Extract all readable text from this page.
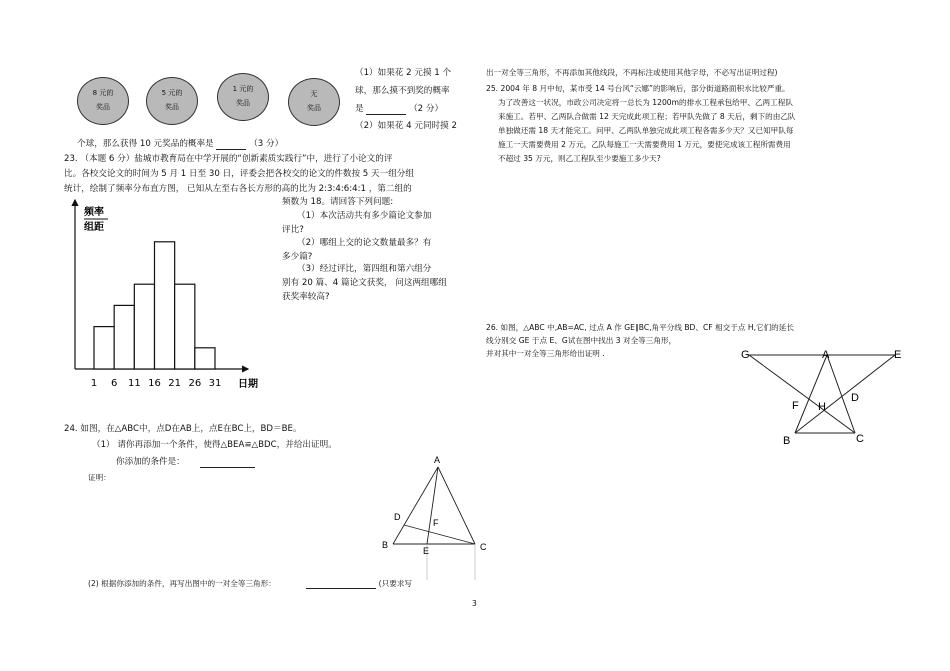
8 元的
奖品
5 元的
奖品
1 元的
奖品
无
奖品
（1）如果花 2 元摸 1 个
球，那么摸不到奖的概率
是	（2 分）
（2）如果花 4 元同时摸 2
个球，那么获得 10 元奖品的概率是	（3 分）
23. （本题 6 分）盐城市教育局在中学开展的“创新素质实践行”中，进行了小论文的评
比。各校交论文的时间为 5 月 1 日至 30 日，评委会把各校交的论文的件数按 5 天一组分组
统计，绘制了频率分布直方图， 已知从左至右各长方形的高的比为 2:3:4:6:4:1 ，第二组的
频数为 18。请回答下列问题:
（1）本次活动共有多少篇论文参加
评比?
（2）哪组上交的论文数量最多？有
多少篇?
（3）经过评比，第四组和第六组分
别有 20 篇、4 篇论文获奖， 问这两组哪组
获奖率较高?
频率
组距
1 6 11 16 21 26 31 日期
24. 如图，在△ABC中，点D在AB上，点E在BC上，BD＝BE。
（1） 请你再添加一个条件，使得△BEA≌△BDC，并给出证明。
你添加的条件是：
证明：
(2) 根据你添加的条件，再写出图中的一对全等三角形：	(只要求写
A
B	C
D
E
F
3
出一对全等三角形，不再添加其他线段，不再标注或使用其他字母，不必写出证明过程)
25. 2004 年 8 月中旬，某市受 14 号台风“云娜”的影响后，部分街道路面积水比较严重。
为了改善这一状况，市政公司决定将一总长为 1200m的排水工程承包给甲、乙两工程队
来施工。若甲、乙两队合做需 12 天完成此项工程；若甲队先做了 8 天后，剩下的由乙队
单独做还需 18 天才能完工。问甲、乙两队单独完成此项工程各需多少天？又已知甲队每
施工一天需要费用 2 万元，乙队每施工一天需要费用 1 万元，要使完成该工程所需费用
不超过 35 万元，则乙工程队至少要施工多少天?
26. 如图，△ABC 中,AB=AC, 过点 A 作 GE∥BC,角平分线 BD、CF 相交于点 H,它们的延长
线分别交 GE 于点 E、G试在图中找出 3 对全等三角形，
并对其中一对全等三角形给出证明 .	G	A	E
F H
D
B	C
